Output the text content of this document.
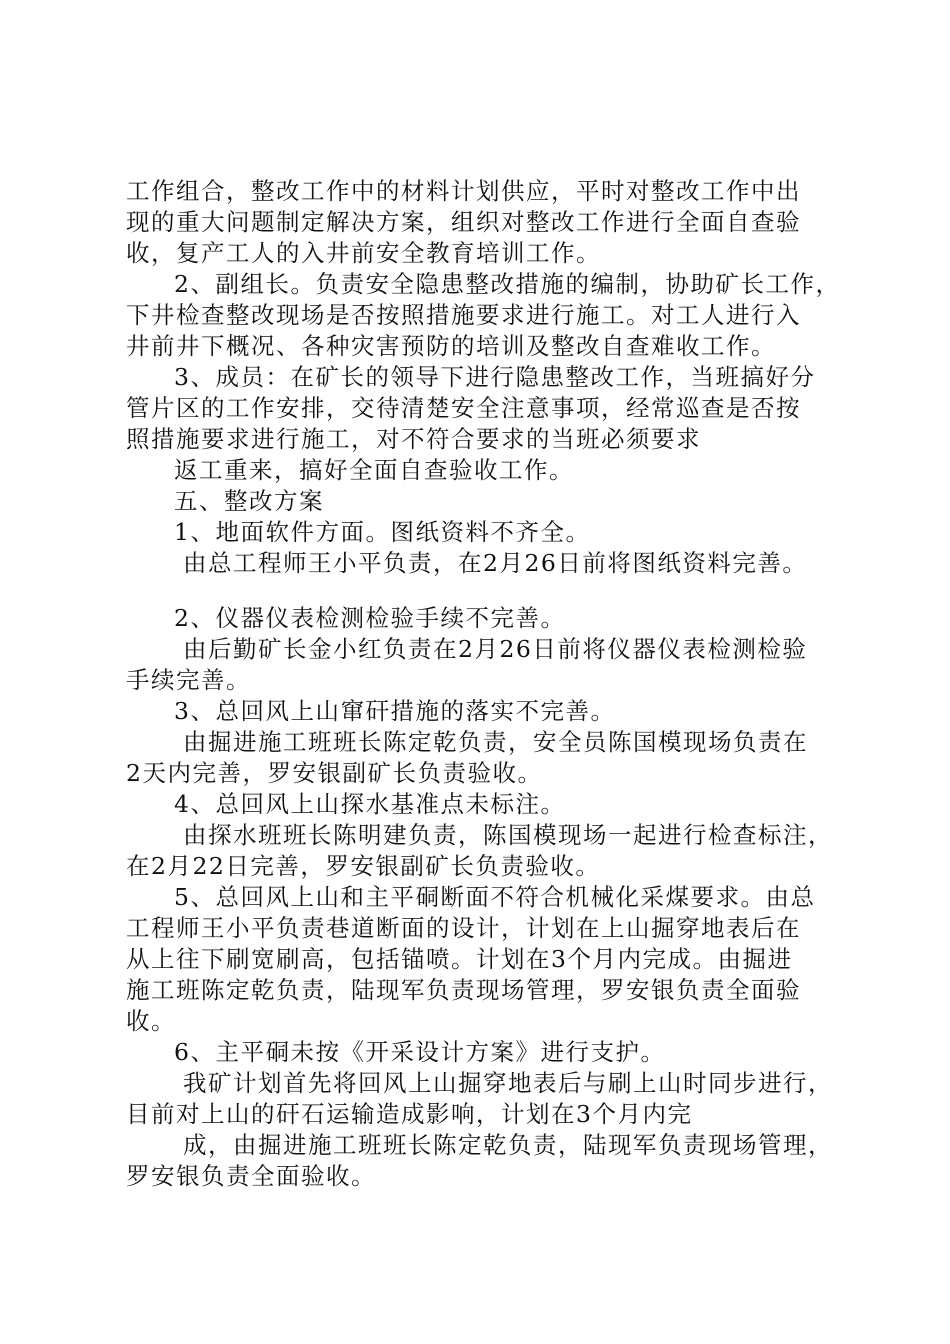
工作组合，整改工作中的材料计划供应，平时对整改工作中出
现的重大问题制定解决方案，组织对整改工作进行全面自查验
收，复产工人的入井前安全教育培训工作。
2、副组长。负责安全隐患整改措施的编制，协助矿长工作，
下井检查整改现场是否按照措施要求进行施工。对工人进行入
井前井下概况、各种灾害预防的培训及整改自查难收工作。
3、成员：在矿长的领导下进行隐患整改工作，当班搞好分
管片区的工作安排，交待清楚安全注意事项，经常巡查是否按
照措施要求进行施工，对不符合要求的当班必须要求
返工重来，搞好全面自查验收工作。
五、整改方案
1、地面软件方面。图纸资料不齐全。
由总工程师王小平负责，在2月26日前将图纸资料完善。
2、仪器仪表检测检验手续不完善。
由后勤矿长金小红负责在2月26日前将仪器仪表检测检验
手续完善。
3、总回风上山窜矸措施的落实不完善。
由掘进施工班班长陈定乾负责，安全员陈国模现场负责在
2天内完善，罗安银副矿长负责验收。
4、总回风上山探水基准点未标注。
由探水班班长陈明建负责，陈国模现场一起进行检查标注，
在2月22日完善，罗安银副矿长负责验收。
5、总回风上山和主平硐断面不符合机械化采煤要求。由总
工程师王小平负责巷道断面的设计，计划在上山掘穿地表后在
从上往下刷宽刷高，包括锚喷。计划在3个月内完成。由掘进
施工班陈定乾负责，陆现军负责现场管理，罗安银负责全面验
收。
6、主平硐未按《开采设计方案》进行支护。
我矿计划首先将回风上山掘穿地表后与刷上山时同步进行，
目前对上山的矸石运输造成影响，计划在3个月内完
成，由掘进施工班班长陈定乾负责，陆现军负责现场管理，
罗安银负责全面验收。
